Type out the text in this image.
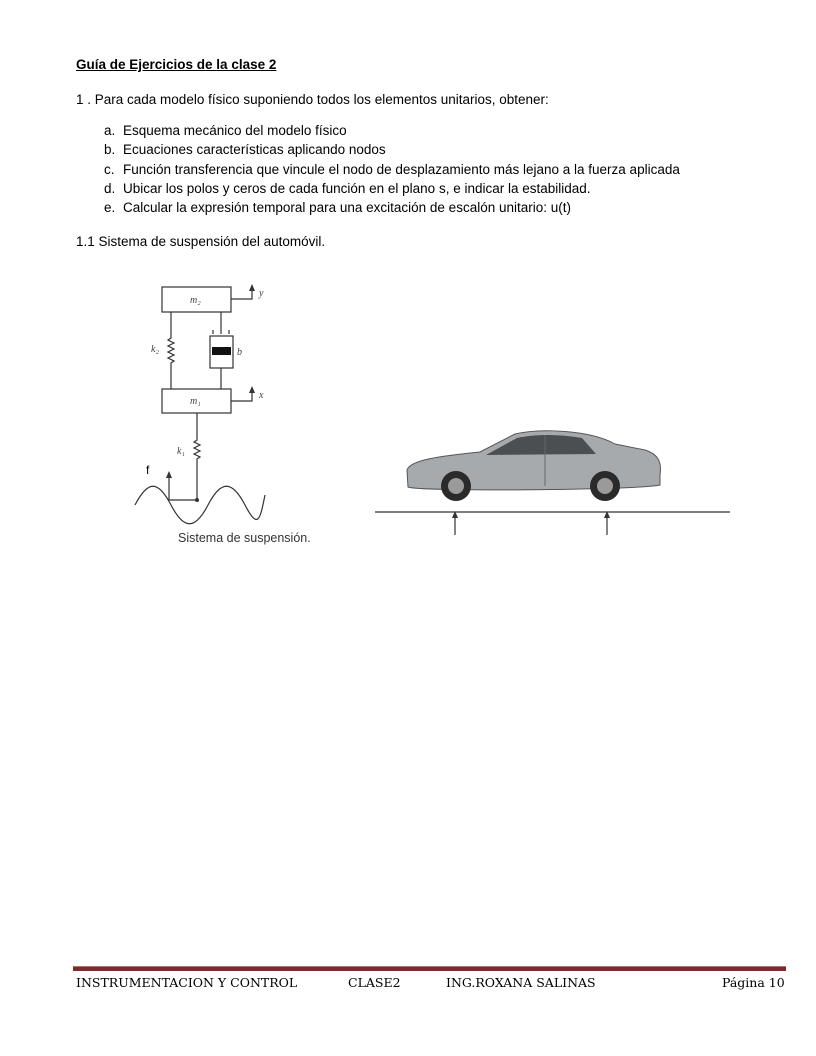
Guía de Ejercicios de la clase 2
1 . Para cada modelo físico suponiendo todos los elementos unitarios, obtener:
a. Esquema mecánico del modelo físico
b. Ecuaciones características aplicando nodos
c. Función transferencia que vincule el nodo de desplazamiento más lejano a la fuerza aplicada
d. Ubicar los polos y ceros de cada función en el plano s, e indicar la estabilidad.
e. Calcular la expresión temporal para una excitación de escalón unitario: u(t)
1.1 Sistema de suspensión del automóvil.
m₂
m₁
k₂
k₁
b
y
x
f
Sistema de suspensión.
INSTRUMENTACION Y CONTROL	CLASE2	ING.ROXANA SALINAS	Página 10
